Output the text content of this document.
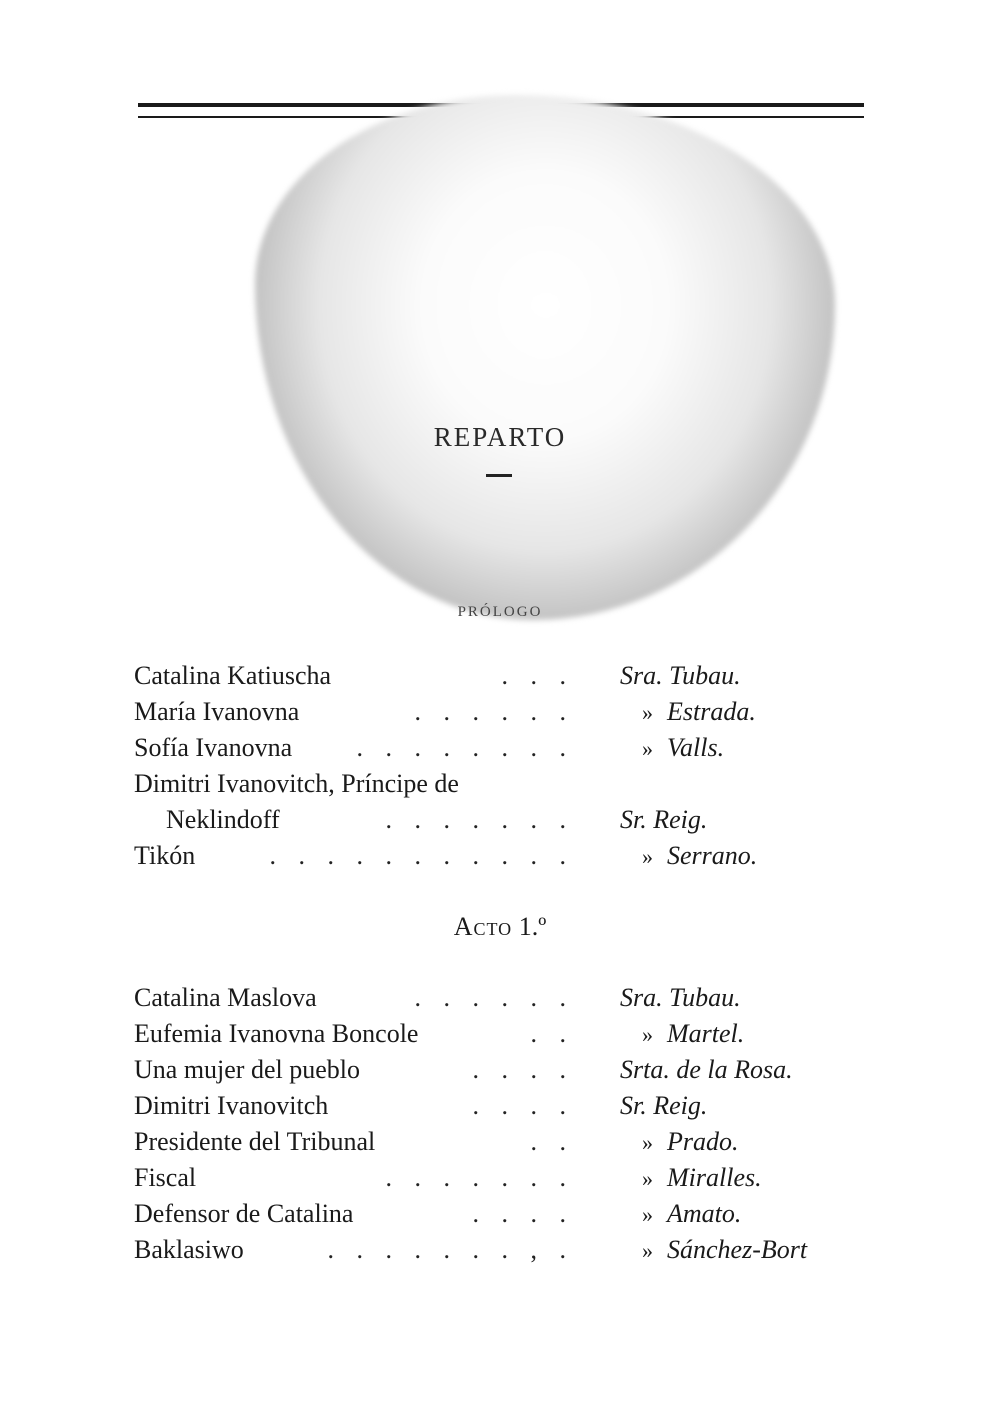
REPARTO
PRÓLOGO
Catalina Katiuscha	. . . Sra. Tubau.
María Ivanovna	. . . . . .	» Estrada.
Sofía Ivanovna	. . . . . . . .	» Valls.
Dimitri Ivanovitch, Príncipe de
Neklindoff	. . . . . . . Sr. Reig.
Tikón	. . . . . . . . . . .	» Serrano.
Acto 1.º
Catalina Maslova	. . . . . . Sra. Tubau.
Eufemia Ivanovna Boncole	. .	» Martel.
Una mujer del pueblo	. . . . Srta. de la Rosa.
Dimitri Ivanovitch	. . . . Sr. Reig.
Presidente del Tribunal	. .	» Prado.
Fiscal	. . . . . . .	» Miralles.
Defensor de Catalina	. . . .	» Amato.
Baklasiwo	. . . . . . . , .	» Sánchez-Bort
